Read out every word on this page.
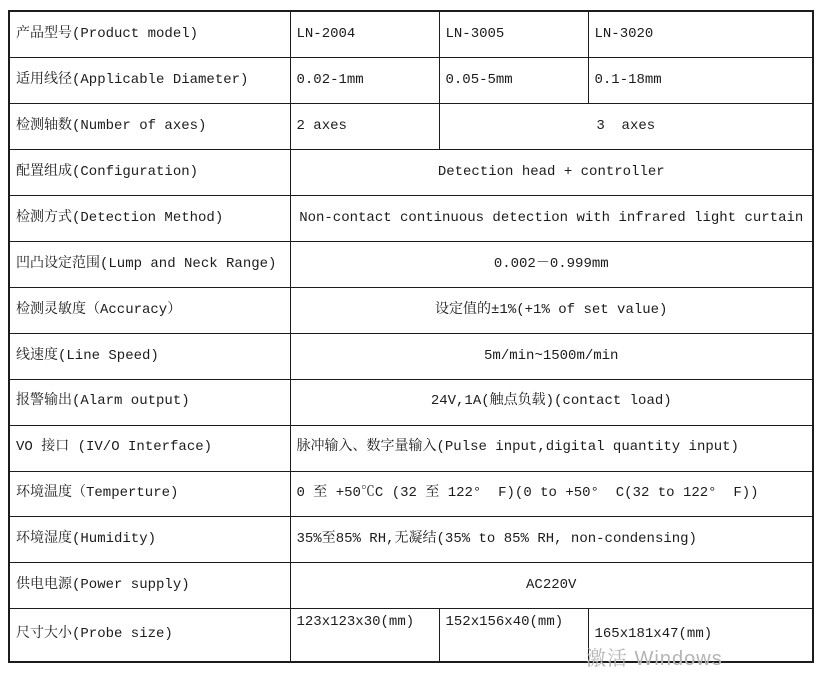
产品型号(Product model)	LN-2004	LN-3005	LN-3020
适用线径(Applicable Diameter)	0.02-1mm	0.05-5mm	0.1-18mm
检测轴数(Number of axes)	2 axes	3  axes	
配置组成(Configuration)	Detection head + controller		
检测方式(Detection Method)	Non-contact continuous detection with infrared light curtain		
凹凸设定范围(Lump and Neck Range)	0.002－0.999mm		
检测灵敏度（Accuracy）	设定值的±1%(+1% of set value)		
线速度(Line Speed)	5m/min~1500m/min		
报警输出(Alarm output)	24V,1A(触点负载)(contact load)		
VO 接口 (IV/O Interface)	脉冲输入、数字量输入(Pulse input,digital quantity input)		
环境温度（Temperture)	0 至 +50℃C (32 至 122°  F)(0 to +50°  C(32 to 122°  F))		
环境湿度(Humidity)	35%至85% RH,无凝结(35% to 85% RH, non-condensing)		
供电电源(Power supply)	AC220V		
尺寸大小(Probe size)	123x123x30(mm)	152x156x40(mm)	165x181x47(mm)
激活 Windows
